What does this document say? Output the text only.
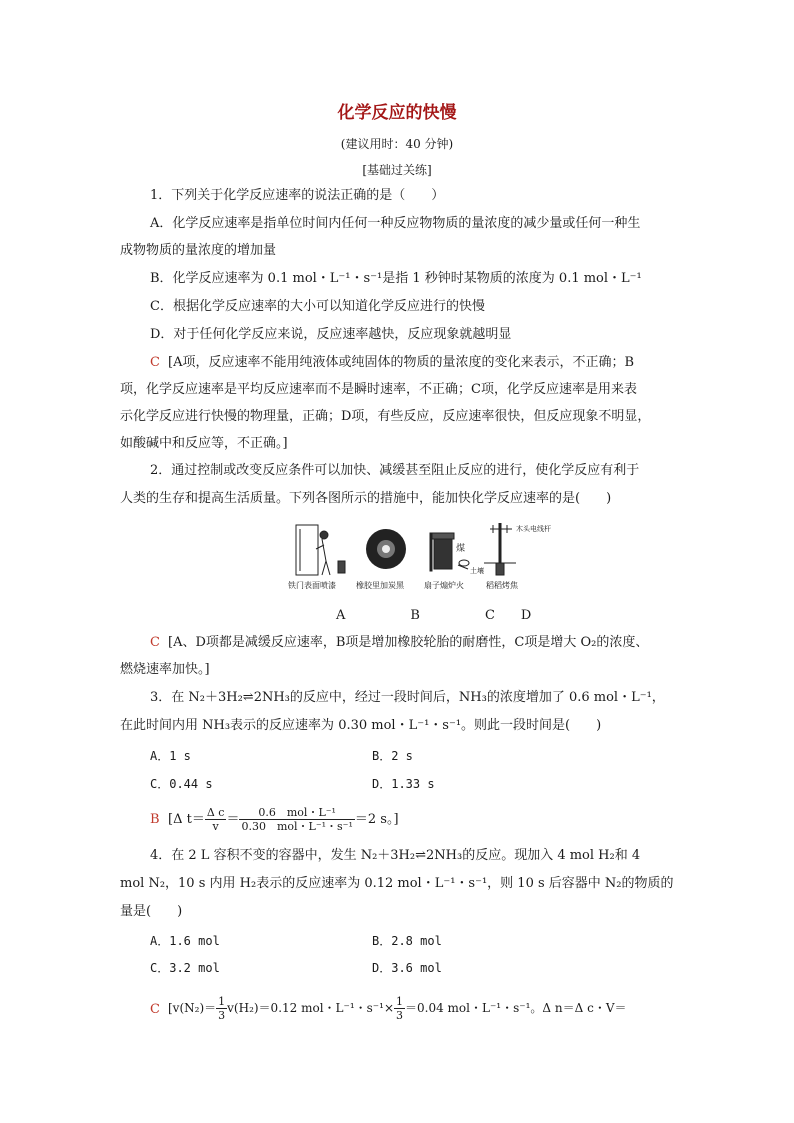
化学反应的快慢
(建议用时：40 分钟)
[基础过关练]
1．下列关于化学反应速率的说法正确的是（　　）
A．化学反应速率是指单位时间内任何一种反应物物质的量浓度的减少量或任何一种生
成物物质的量浓度的增加量
B．化学反应速率为 0.1 mol・L⁻¹・s⁻¹是指 1 秒钟时某物质的浓度为 0.1 mol・L⁻¹
C．根据化学反应速率的大小可以知道化学反应进行的快慢
D．对于任何化学反应来说，反应速率越快，反应现象就越明显
C [A项，反应速率不能用纯液体或纯固体的物质的量浓度的变化来表示，不正确；B
项，化学反应速率是平均反应速率而不是瞬时速率，不正确；C项，化学反应速率是用来表
示化学反应进行快慢的物理量，正确；D项，有些反应，反应速率很快，但反应现象不明显，
如酸碱中和反应等，不正确。]
2．通过控制或改变反应条件可以加快、减缓甚至阻止反应的进行，使化学反应有利于
人类的生存和提高生活质量。下列各图所示的措施中，能加快化学反应速率的是(　　)
煤
木头电线杆
土壤
铁门表面喷漆	橡胶里加炭黑	扇子煽炉火	稻稻烤焦
A　　　　　B　　　　　C　　D
C [A、D项都是减缓反应速率，B项是增加橡胶轮胎的耐磨性，C项是增大 O₂的浓度、
燃烧速率加快。]
3．在 N₂＋3H₂⇌2NH₃的反应中，经过一段时间后，NH₃的浓度增加了 0.6 mol・L⁻¹，
在此时间内用 NH₃表示的反应速率为 0.30 mol・L⁻¹・s⁻¹。则此一段时间是(　　)
A．1 s	B．2 s
C．0.44 s	D．1.33 s
B [Δ $t= \frac{\text{Δ c}}{v} = \frac{\text{0.6　mol・L⁻¹}}{\text{0.30　mol・L⁻¹・s⁻¹}} =2$ s。]
4．在 2 L 容积不变的容器中，发生 N₂＋3H₂⇌2NH₃的反应。现加入 4 mol H₂和 4
mol N₂，10 s 内用 H₂表示的反应速率为 0.12 mol・L⁻¹・s⁻¹，则 10 s 后容器中 N₂的物质的
量是(　　)
A．1.6 mol	B．2.8 mol
C．3.2 mol	D．3.6 mol
C [$v(N_2)= \frac{1}{3} v(H_2)=0.12$ mol・L⁻¹・$s^{-1}\times \frac{1}{3} =0.04$ mol・L⁻¹・s⁻¹。Δ n＝Δ c・V＝
